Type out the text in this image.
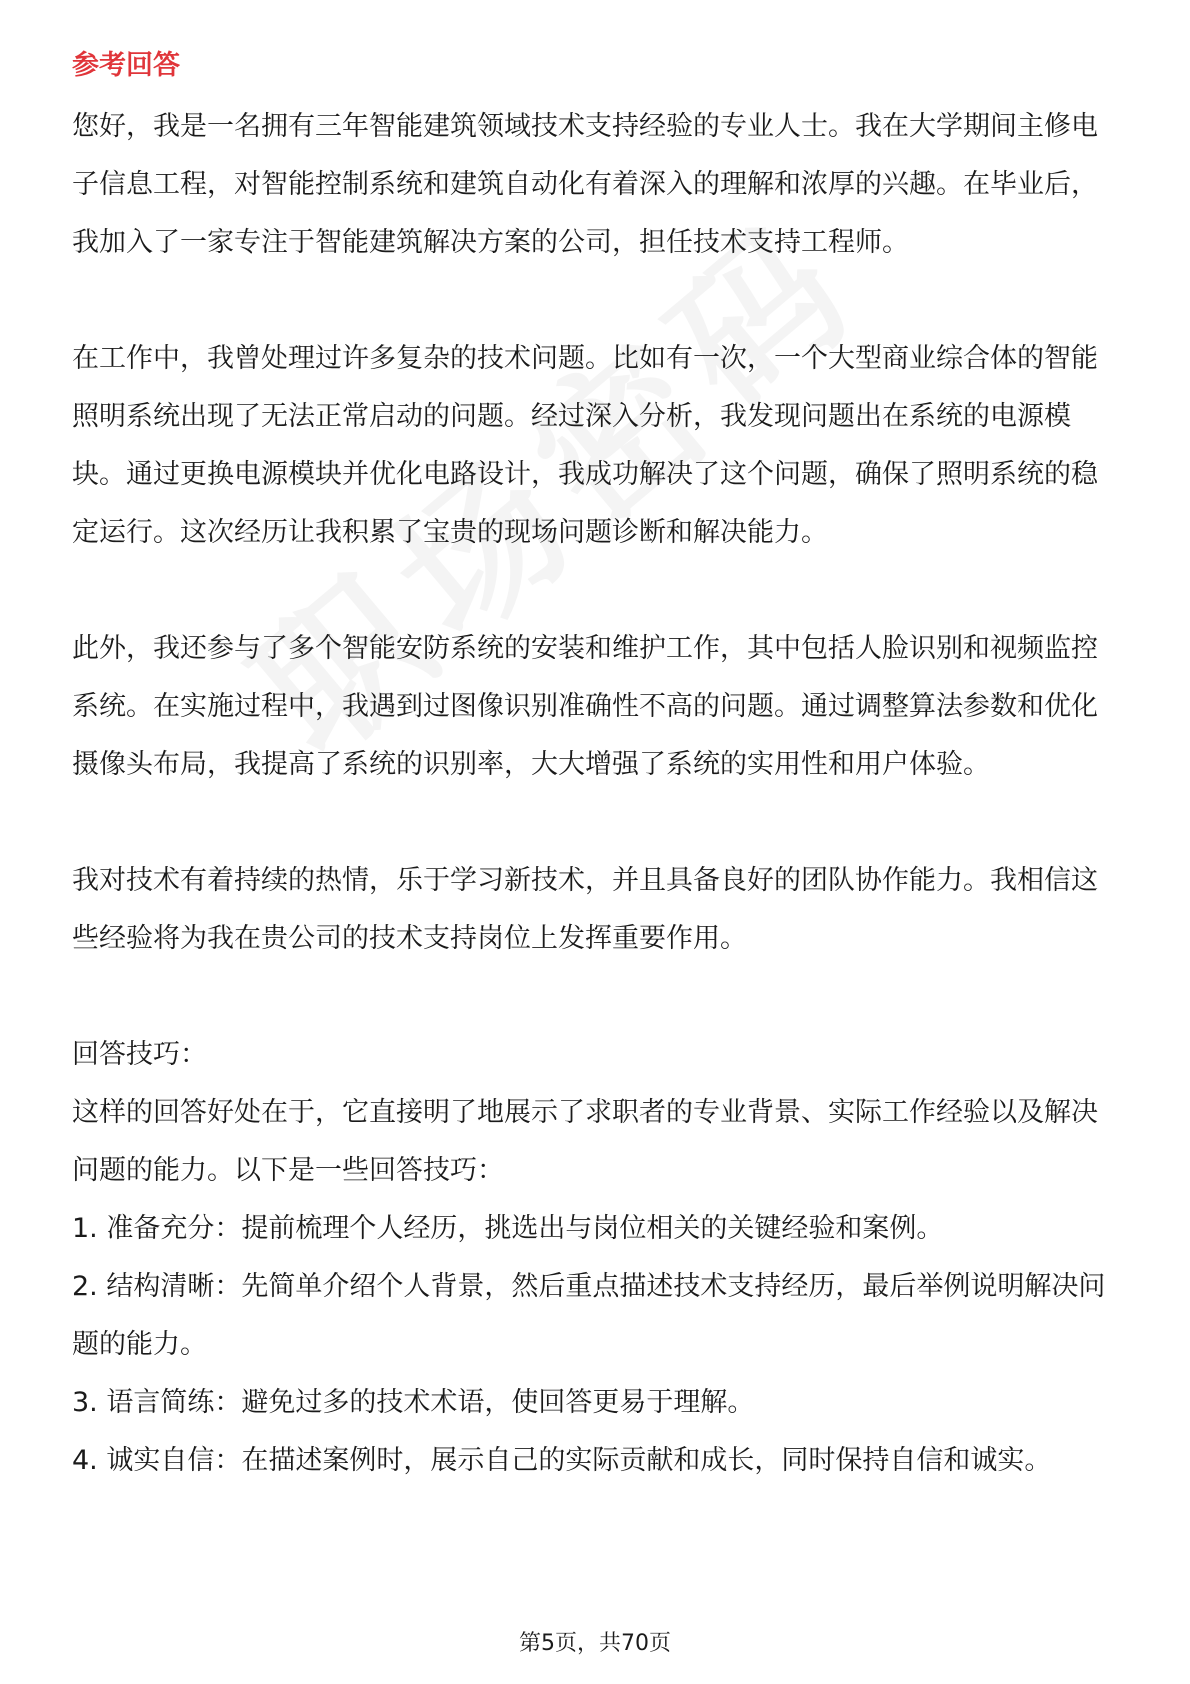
参考回答

您好，我是一名拥有三年智能建筑领域技术支持经验的专业人士。我在大学期间主修电子信息工程，对智能控制系统和建筑自动化有着深入的理解和浓厚的兴趣。在毕业后，我加入了一家专注于智能建筑解决方案的公司，担任技术支持工程师。

在工作中，我曾处理过许多复杂的技术问题。比如有一次，一个大型商业综合体的智能照明系统出现了无法正常启动的问题。经过深入分析，我发现问题出在系统的电源模块。通过更换电源模块并优化电路设计，我成功解决了这个问题，确保了照明系统的稳定运行。这次经历让我积累了宝贵的现场问题诊断和解决能力。

此外，我还参与了多个智能安防系统的安装和维护工作，其中包括人脸识别和视频监控系统。在实施过程中，我遇到过图像识别准确性不高的问题。通过调整算法参数和优化摄像头布局，我提高了系统的识别率，大大增强了系统的实用性和用户体验。

我对技术有着持续的热情，乐于学习新技术，并且具备良好的团队协作能力。我相信这些经验将为我在贵公司的技术支持岗位上发挥重要作用。

回答技巧：

这样的回答好处在于，它直接明了地展示了求职者的专业背景、实际工作经验以及解决问题的能力。以下是一些回答技巧：

1. 准备充分：提前梳理个人经历，挑选出与岗位相关的关键经验和案例。

2. 结构清晰：先简单介绍个人背景，然后重点描述技术支持经历，最后举例说明解决问题的能力。

3. 语言简练：避免过多的技术术语，使回答更易于理解。

4. 诚实自信：在描述案例时，展示自己的实际贡献和成长，同时保持自信和诚实。

第5页，共70页
